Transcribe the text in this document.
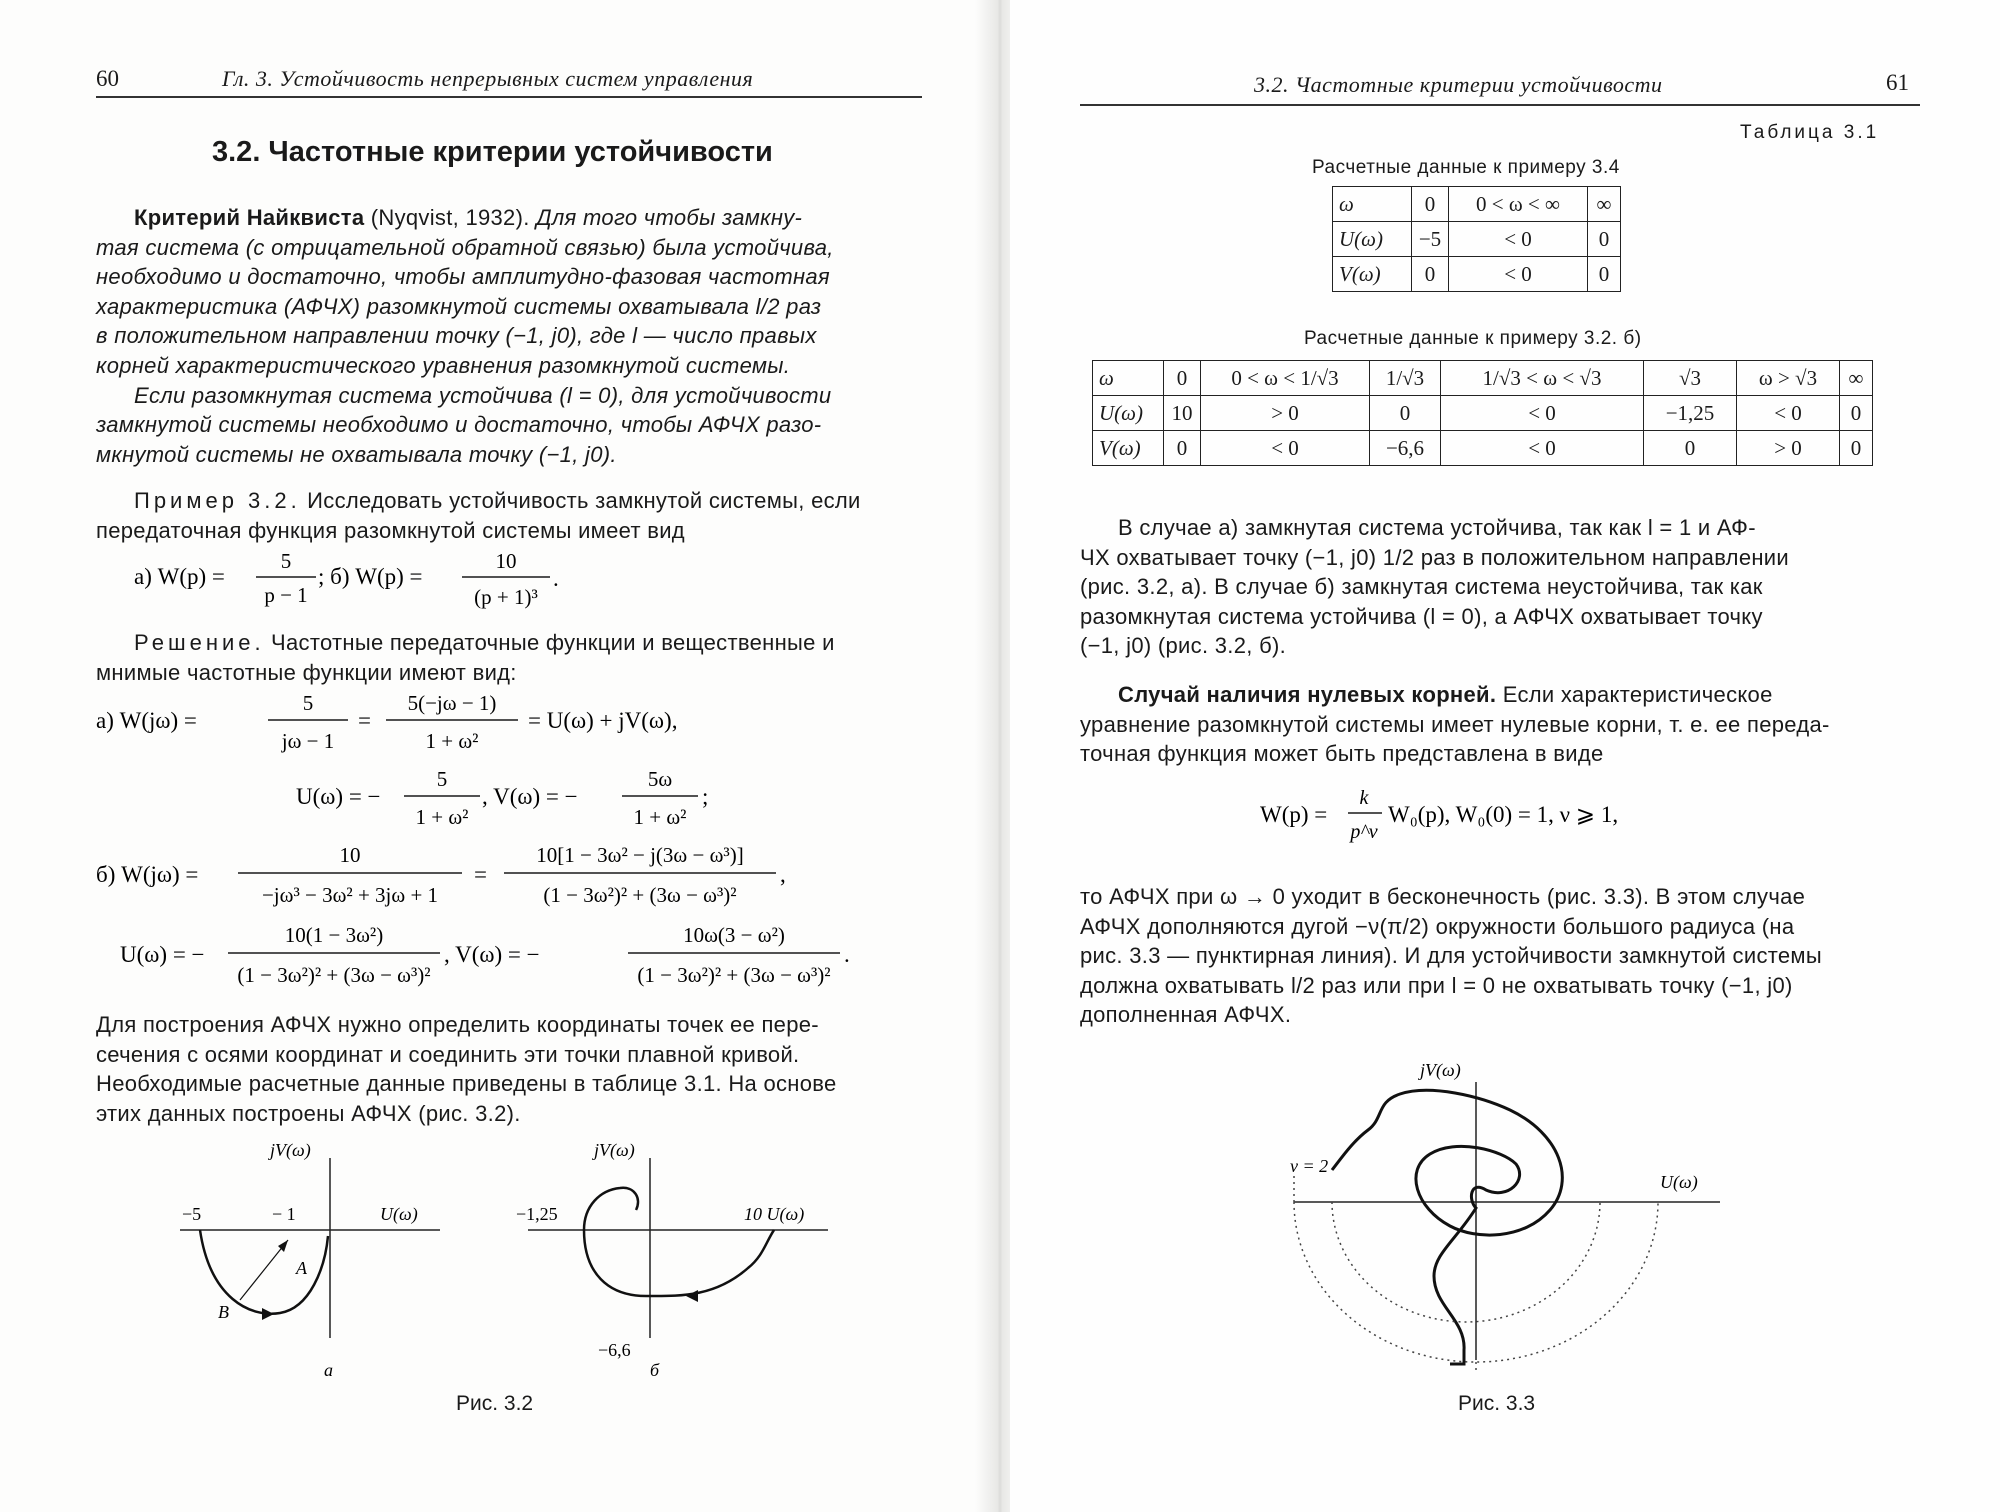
60	Гл. 3. Устойчивость непрерывных систем управления
3.2. Частотные критерии устойчивости
Критерий Найквиста (Nyqvist, 1932). Для того чтобы замкну-
тая система (с отрицательной обратной связью) была устойчива,
необходимо и достаточно, чтобы амплитудно-фазовая частотная
характеристика (АФЧХ) разомкнутой системы охватывала l/2 раз
в положительном направлении точку (−1, j0), где l — число правых
корней характеристического уравнения разомкнутой системы.
Если разомкнутая система устойчива (l = 0), для устойчивости
замкнутой системы необходимо и достаточно, чтобы АФЧХ разо-
мкнутой системы не охватывала точку (−1, j0).
Пример 3.2. Исследовать устойчивость замкнутой системы, если
передаточная функция разомкнутой системы имеет вид
а) W(p) =
5
p − 1
; б) W(p) =
10
(p + 1)³
.
Решение. Частотные передаточные функции и вещественные и
мнимые частотные функции имеют вид:
а) W(jω) =
5
jω − 1
=
5(−jω − 1)
1 + ω²
= U(ω) + jV(ω),
U(ω) = −
5
1 + ω²
, V(ω) = −
5ω
1 + ω²
;
б) W(jω) =
10
−jω³ − 3ω² + 3jω + 1
=
10[1 − 3ω² − j(3ω − ω³)]
(1 − 3ω²)² + (3ω − ω³)²
,
U(ω) = −
10(1 − 3ω²)
(1 − 3ω²)² + (3ω − ω³)²
, V(ω) = −
10ω(3 − ω²)
(1 − 3ω²)² + (3ω − ω³)²
.
Для построения АФЧХ нужно определить координаты точек ее пере-
сечения с осями координат и соединить эти точки плавной кривой.
Необходимые расчетные данные приведены в таблице 3.1. На основе
этих данных построены АФЧХ (рис. 3.2).
jV(ω)
U(ω)
−5	− 1
A
B
а
jV(ω)
10 U(ω)
−1,25
−6,6
б
Рис. 3.2
3.2. Частотные критерии устойчивости	61
Таблица 3.1
Расчетные данные к примеру 3.4
ω	0	0 < ω < ∞	∞
U(ω)	−5	< 0	0
V(ω)	0	< 0	0
Расчетные данные к примеру 3.2. б)
ω	0	0 < ω < 1/√3	1/√3	1/√3 < ω < √3	√3	ω > √3	∞
U(ω)	10	> 0	0	< 0	−1,25	< 0	0
V(ω)	0	< 0	−6,6	< 0	0	> 0	0
В случае а) замкнутая система устойчива, так как l = 1 и АФ-
ЧХ охватывает точку (−1, j0) 1/2 раз в положительном направлении
(рис. 3.2, а). В случае б) замкнутая система неустойчива, так как
разомкнутая система устойчива (l = 0), а АФЧХ охватывает точку
(−1, j0) (рис. 3.2, б).
Случай наличия нулевых корней. Если характеристическое
уравнение разомкнутой системы имеет нулевые корни, т. е. ее переда-
точная функция может быть представлена в виде
W(p) =
k
p^ν
W₀(p), W₀(0) = 1, ν ⩾ 1,
то АФЧХ при ω → 0 уходит в бесконечность (рис. 3.3). В этом случае
АФЧХ дополняются дугой −ν(π/2) окружности большого радиуса (на
рис. 3.3 — пунктирная линия). И для устойчивости замкнутой системы
должна охватывать l/2 раз или при l = 0 не охватывать точку (−1, j0)
дополненная АФЧХ.
jV(ω)
U(ω)
ν = 2
Рис. 3.3
